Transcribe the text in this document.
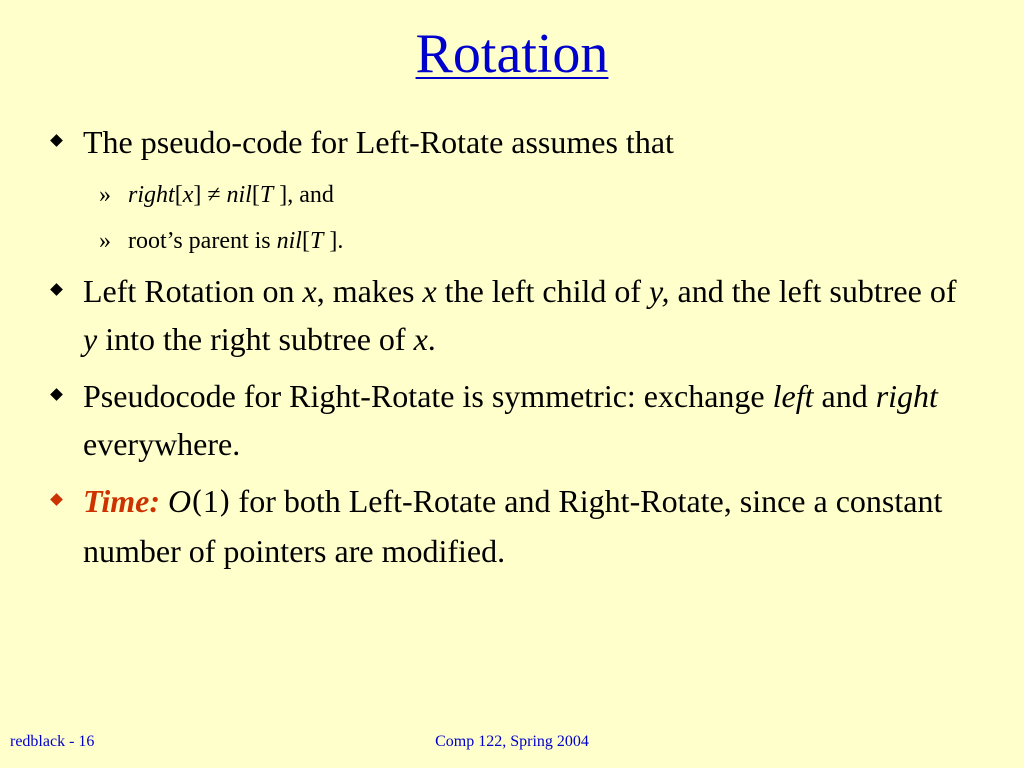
Rotation
The pseudo-code for Left-Rotate assumes that
» right[x] ≠ nil[T ], and
» root’s parent is nil[T ].
Left Rotation on x, makes x the left child of y, and the left subtree of y into the right subtree of x.
Pseudocode for Right-Rotate is symmetric: exchange left and right everywhere.
Time: O(1) for both Left-Rotate and Right-Rotate, since a constant number of pointers are modified.
redblack - 16	Comp 122, Spring 2004
